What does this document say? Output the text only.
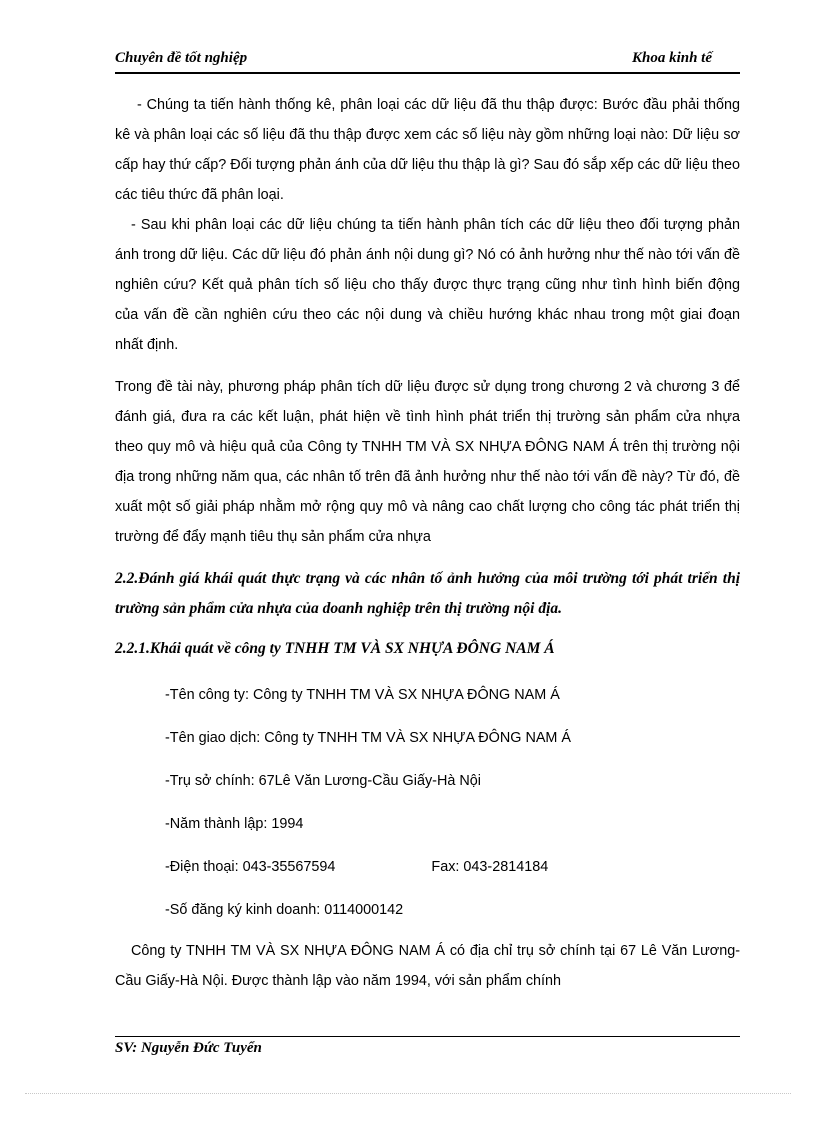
Chuyên đề tốt nghiệp	Khoa kinh tế

- Chúng ta tiến hành thống kê, phân loại các dữ liệu đã thu thập được: Bước đầu phải thống kê và phân loại các số liệu đã thu thập được xem các số liệu này gồm những loại nào: Dữ liệu sơ cấp hay thứ cấp? Đối tượng phản ánh của dữ liệu thu thập là gì? Sau đó sắp xếp các dữ liệu theo các tiêu thức đã phân loại.

- Sau khi phân loại các dữ liệu chúng ta tiến hành phân tích các dữ liệu theo đối tượng phản ánh trong dữ liệu. Các dữ liệu đó phản ánh nội dung gì? Nó có ảnh hưởng như thế nào tới vấn đề nghiên cứu? Kết quả phân tích số liệu cho thấy được thực trạng cũng như tình hình biến động của vấn đề cần nghiên cứu theo các nội dung và chiều hướng khác nhau trong một giai đoạn nhất định.

Trong đề tài này, phương pháp phân tích dữ liệu được sử dụng trong chương 2 và chương 3 để đánh giá, đưa ra các kết luận, phát hiện về tình hình phát triển thị trường sản phẩm cửa nhựa theo quy mô và hiệu quả của Công ty TNHH TM VÀ SX NHỰA ĐÔNG NAM Á trên thị trường nội địa trong những năm qua, các nhân tố trên đã ảnh hưởng như thế nào tới vấn đề này? Từ đó, đề xuất một số giải pháp nhằm mở rộng quy mô và nâng cao chất lượng cho công tác phát triển thị trường để đẩy mạnh tiêu thụ sản phẩm cửa nhựa

2.2.Đánh giá khái quát thực trạng và các nhân tố ảnh hưởng của môi trường tới phát triển thị trường sản phẩm cửa nhựa của doanh nghiệp trên thị trường nội địa.

2.2.1.Khái quát về công ty TNHH TM VÀ SX NHỰA ĐÔNG NAM Á

-Tên công ty: Công ty TNHH TM VÀ SX NHỰA ĐÔNG NAM Á

-Tên giao dịch: Công ty TNHH TM VÀ SX NHỰA ĐÔNG NAM Á

-Trụ sở chính: 67Lê Văn Lương-Cầu Giấy-Hà Nội

-Năm thành lập: 1994

-Điện thoại: 043-35567594	Fax: 043-2814184

-Số đăng ký kinh doanh: 0114000142

Công ty TNHH TM VÀ SX NHỰA ĐÔNG NAM Á có địa chỉ trụ sở chính tại 67 Lê Văn Lương-Cầu Giấy-Hà Nội. Được thành lập vào năm 1994, với sản phẩm chính

SV: Nguyễn Đức Tuyển
